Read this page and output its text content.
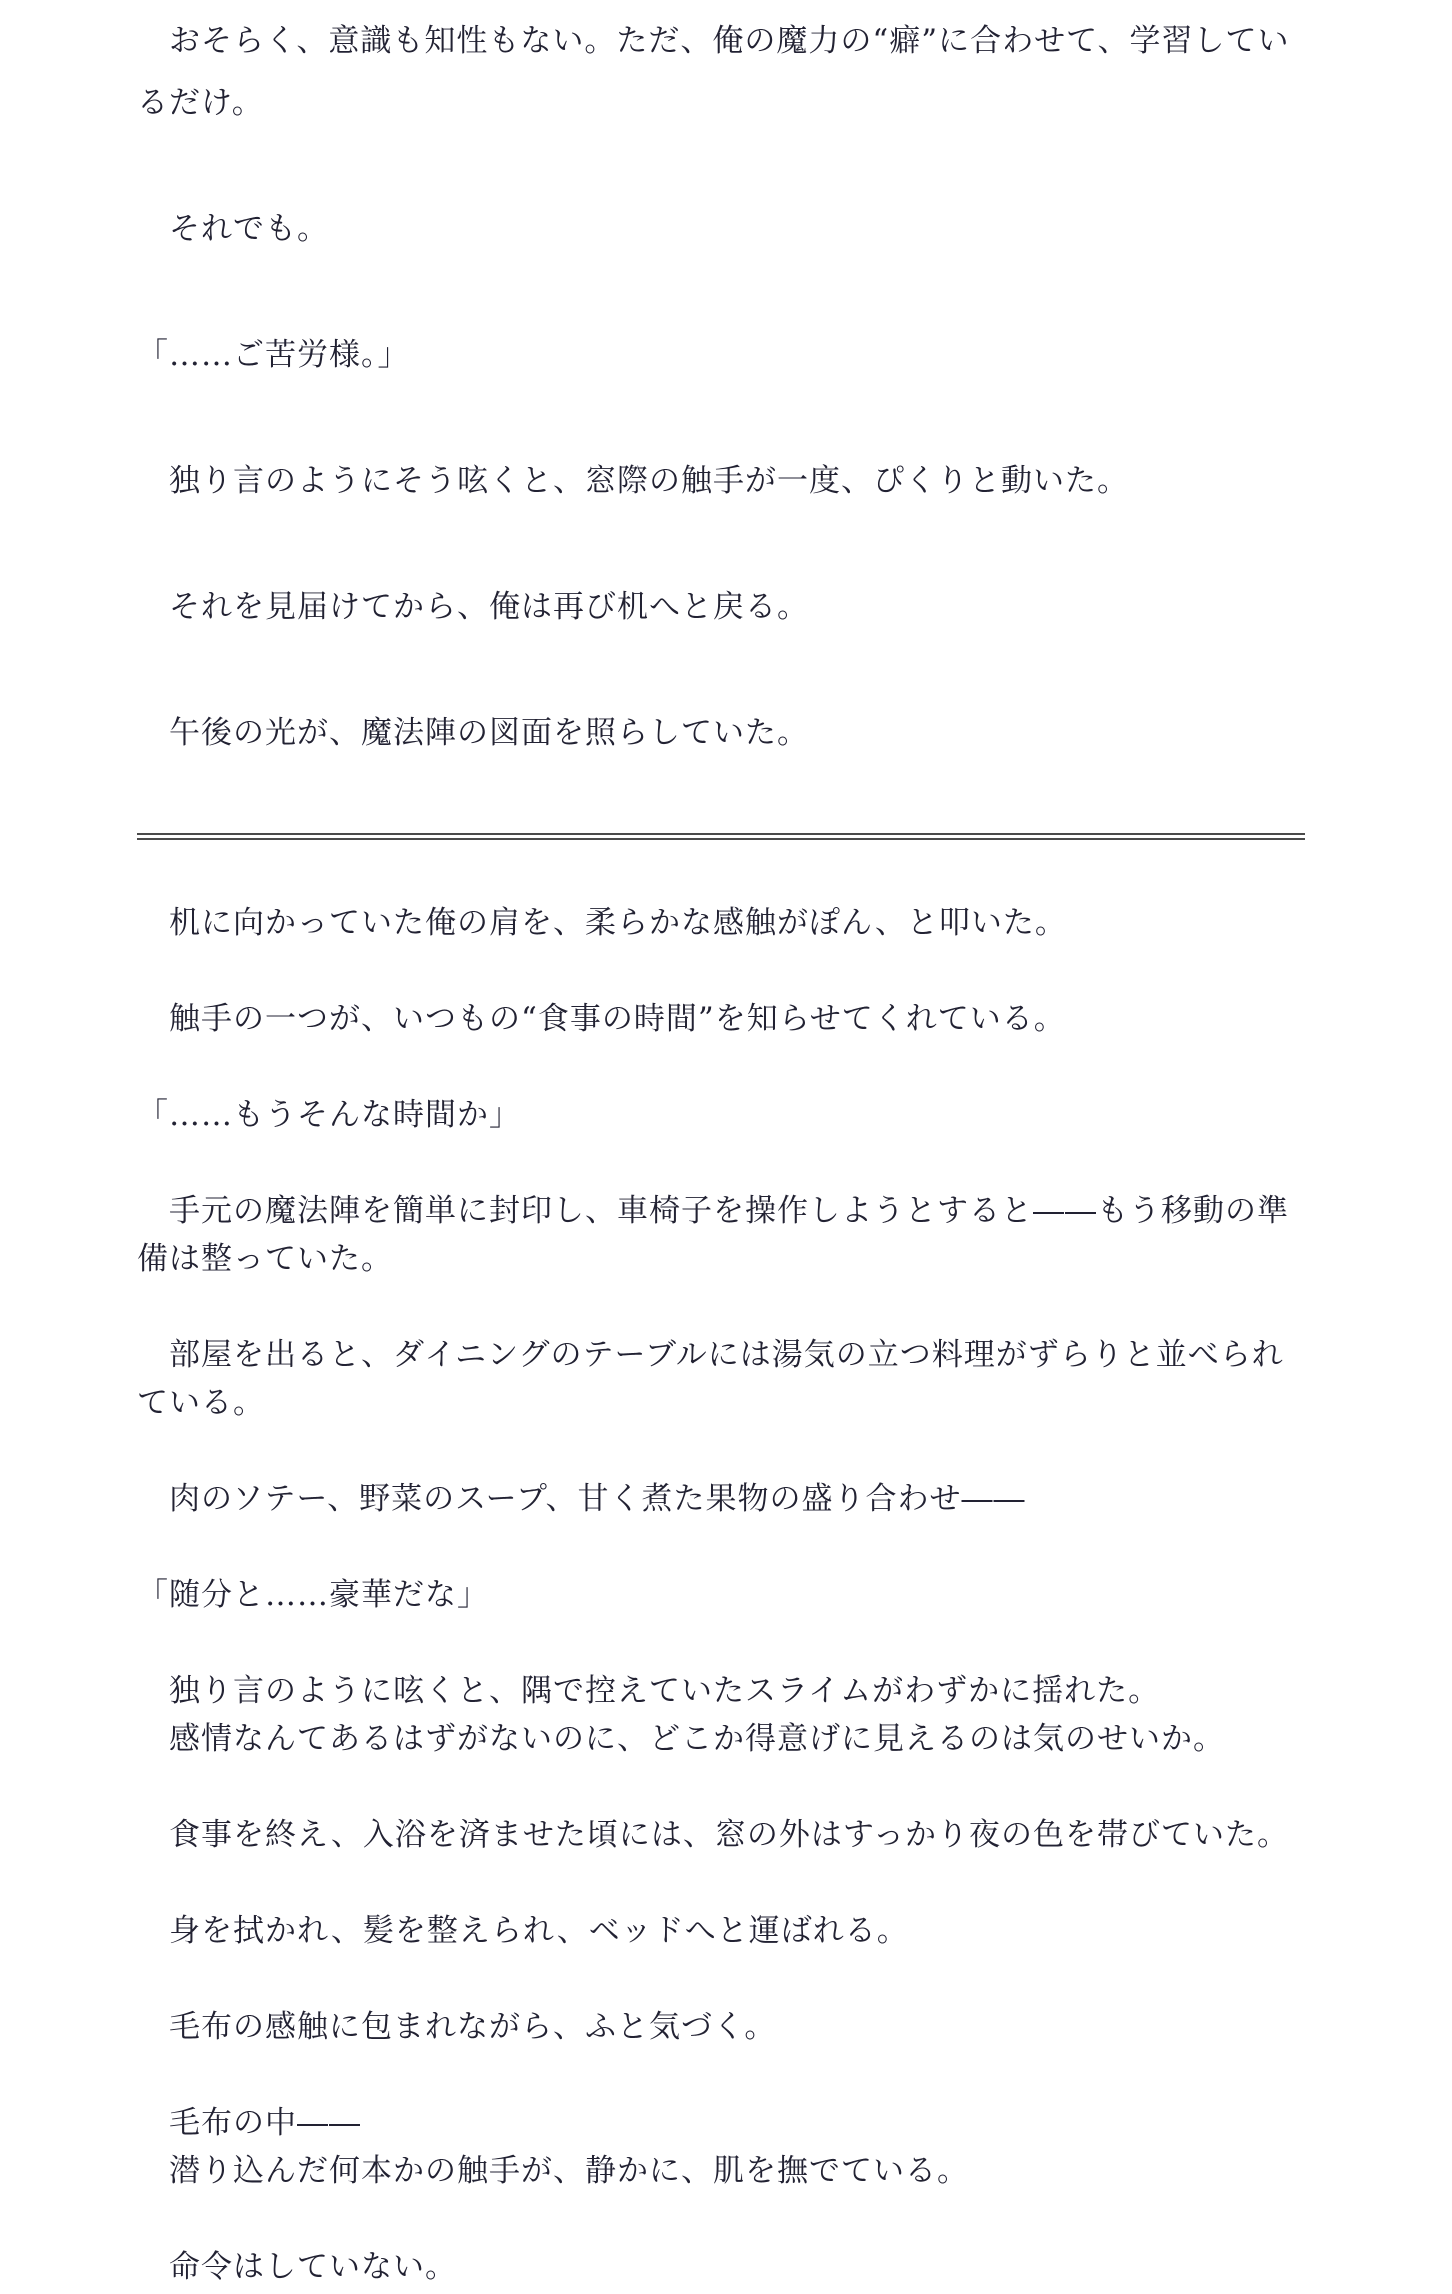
　おそらく、意識も知性もない。ただ、俺の魔力の“癖”に合わせて、学習しているだけ。

　それでも。

「……ご苦労様。」

　独り言のようにそう呟くと、窓際の触手が一度、ぴくりと動いた。

　それを見届けてから、俺は再び机へと戻る。

　午後の光が、魔法陣の図面を照らしていた。

　机に向かっていた俺の肩を、柔らかな感触がぽん、と叩いた。

　触手の一つが、いつもの“食事の時間”を知らせてくれている。

「……もうそんな時間か」

　手元の魔法陣を簡単に封印し、車椅子を操作しようとすると――もう移動の準備は整っていた。

　部屋を出ると、ダイニングのテーブルには湯気の立つ料理がずらりと並べられている。

　肉のソテー、野菜のスープ、甘く煮た果物の盛り合わせ――

「随分と……豪華だな」

　独り言のように呟くと、隅で控えていたスライムがわずかに揺れた。
　感情なんてあるはずがないのに、どこか得意げに見えるのは気のせいか。

　食事を終え、入浴を済ませた頃には、窓の外はすっかり夜の色を帯びていた。

　身を拭かれ、髪を整えられ、ベッドへと運ばれる。

　毛布の感触に包まれながら、ふと気づく。

　毛布の中――
　潜り込んだ何本かの触手が、静かに、肌を撫でている。

　命令はしていない。
